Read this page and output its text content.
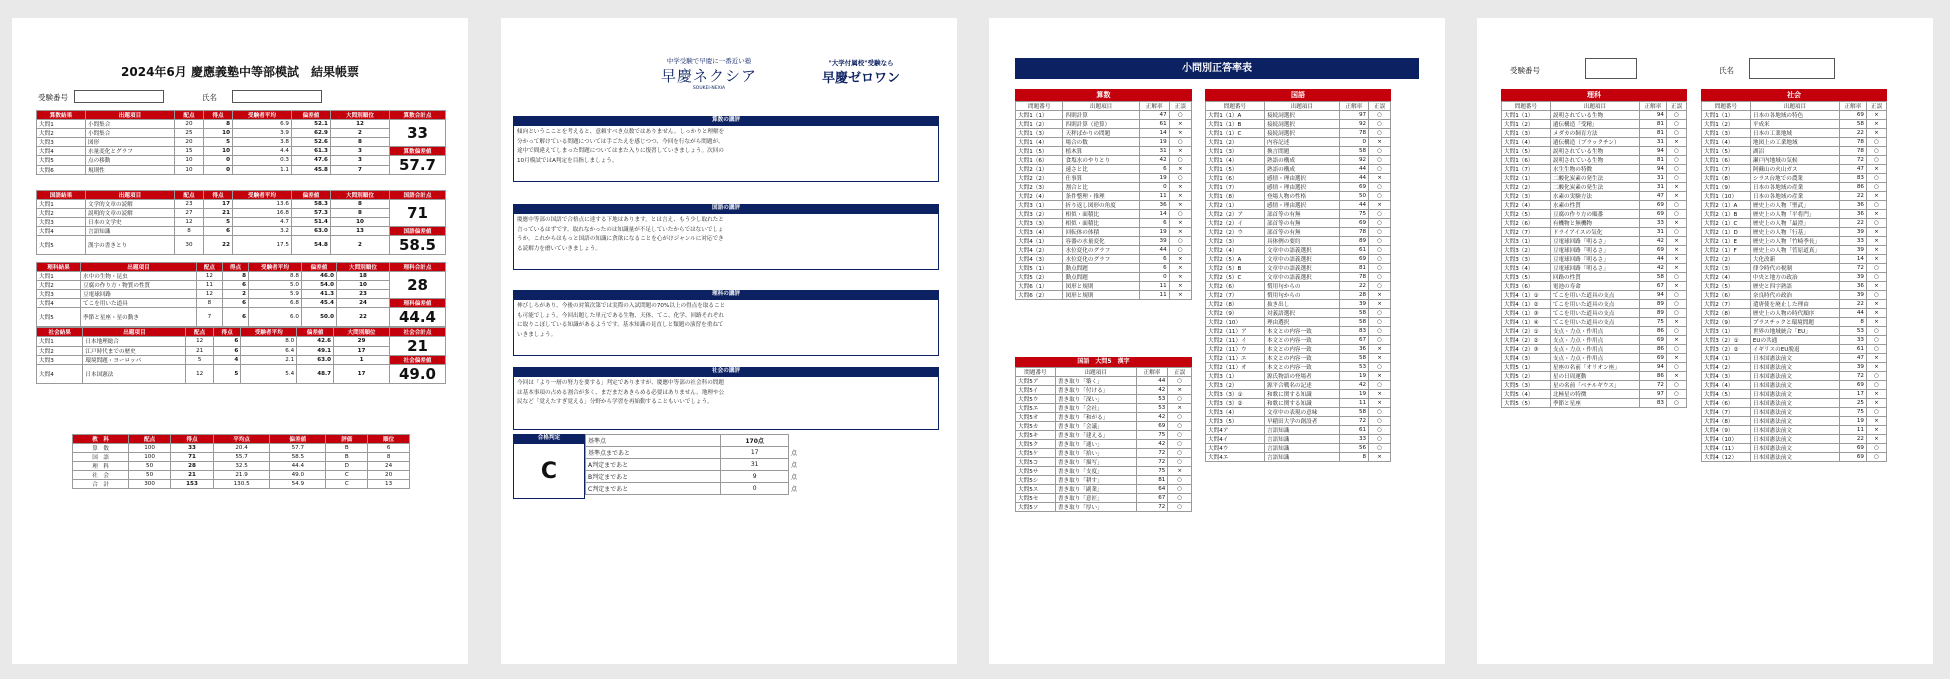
2024年6月 慶應義塾中等部模試　結果帳票
受験番号	氏名
算数結果	出題項目	配点	得点	受験者平均	偏差値	大問別順位	算数合計点
大問1	小問集合	20	8	6.9	52.1	12	33
大問2	小問集合	25	10	3.9	62.9	2	
大問3	図形	20	5	3.8	52.6	8	
大問4	水量変化とグラフ	15	10	4.4	61.3	3	算数偏差値
大問5	点の移動	10	0	0.3	47.6	3	57.7
大問6	規則性	10	0	1.1	45.8	7	
国語結果	出題項目	配点	得点	受験者平均	偏差値	大問別順位	国語合計点
大問1	文学的文章の読解	23	17	13.6	58.3	8	71
大問2	説明的文章の読解	27	21	16.8	57.3	8	
大問3	日本の文学史	12	5	4.7	51.4	10	
大問4	言語知識	8	6	3.2	63.0	13	国語偏差値
大問5	漢字の書きとり	30	22	17.5	54.8	2	58.5
理科結果	出題項目	配点	得点	受験者平均	偏差値	大問別順位	理科合計点
大問1	水中の生物・昆虫	12	8	8.8	46.0	18	28
大問2	豆腐の作り方・物質の性質	11	6	5.0	54.0	10	
大問3	豆電球回路	12	2	5.9	41.3	23	
大問4	てこを用いた道具	8	6	6.8	45.4	24	理科偏差値
大問5	季節と星座・星の動き	7	6	6.0	50.0	22	44.4
社会結果	出題項目	配点	得点	受験者平均	偏差値	大問別順位	社会合計点
大問1	日本地理総合	12	6	8.0	42.6	29	21
大問2	江戸時代までの歴史	21	6	6.4	49.1	17	
大問3	環境問題・ヨーロッパ	5	4	2.1	63.0	1	社会偏差値
大問4	日本国憲法	12	5	5.4	48.7	17	49.0
教　科	配点	得点	平均点	偏差値	評価	順位
算　数	100	33	20.4	57.7	B	6
国　語	100	71	55.7	58.5	B	8
理　科	50	28	32.5	44.4	D	24
社　会	50	21	21.9	49.0	C	20
合　計	300	153	130.5	54.9	C	13
中学受験で早慶に一番近い塾
早慶ネクシア
SOUKEI-NEXIA
"大学付属校"受験なら
早慶ゼロワン
算数の講評
傾向というこことを考えると、意頼すべき点数ではありません。しっかりと理解を分かって解けている問題については手ごたえを感じつつ、今回を行ながら問題が、途中で間違えてしまった問題についてはまた入りに復習していきましょう。次回の10月模試ではA判定を目指しましょう。
国語の講評
慶應中等部の国語で合格点に達する下地はあります。とは言え、もう少し取れたと言っているはずです。取れなかったのは知識量が不足していたからではないでしょうか。これからはもっと国語の知識に貪欲になることを心がけジャンルに対応できる読解力を磨いていきましょう。
理科の講評
伸びしろがあり、今後の対策次第では実際の入試問題の70%以上の得点を取ることも可能でしょう。今回出題した単元である生物、天体、てこ、化学、回路それぞれに取りこぼしている知識があるようです。基本知識の見直しと類題の演習を重ねていきましょう。
社会の講評
今回は「より一層の努力を要する」判定でありますが、慶應中等部の社会科の問題は基本事項の占める割合が多く、まだまだあきらめる必要はありません。地理や公民など「覚えたすぎ覚える」分野から学習を再始動することもいいでしょう。
合格判定
C
基準点	170点	
基準点まであと	17	点
A判定まであと	31	点
B判定まであと	9	点
C判定まであと	0	点
小問別正答率表
算数
問題番号	出題項目	正解率	正誤
大問1（1）	四則計算	47	○
大問1（2）	四則計算（逆算）	61	×
大問1（3）	天秤ばかりの問題	14	×
大問1（4）	場合の数	19	○
大問1（5）	植木算	31	×
大問1（6）	食塩水のやりとり	42	○
大問2（1）	速さと比	6	×
大問2（2）	仕事算	19	○
大問2（3）	割合と比	0	×
大問2（4）	条件整理・推理	11	×
大問3（1）	折り返し図形の角度	36	×
大問3（2）	相似・面積比	14	○
大問3（3）	相似・面積比	6	×
大問3（4）	回転体の体積	19	×
大問4（1）	容器の水量変化	39	○
大問4（2）	水位変化のグラフ	44	○
大問4（3）	水位変化のグラフ	6	×
大問5（1）	動点問題	6	×
大問5（2）	動点問題	0	×
大問6（1）	図形と規則	11	×
大問6（2）	図形と規則	11	×
国語　大問5　漢字
問題番号	出題項目	正解率	正誤
大問5ア	書き取り「築く」	44	○
大問5イ	書き取り「付ける」	42	×
大問5ウ	書き取り「深い」	53	○
大問5エ	書き取り「会社」	53	×
大問5オ	書き取り「和がる」	42	○
大問5カ	書き取り「会議」	69	○
大問5キ	書き取り「建える」	75	○
大問5ク	書き取り「通い」	42	○
大問5ケ	書き取り「拾い」	72	○
大問5コ	書き取り「描写」	72	○
大問5サ	書き取り「支度」	75	×
大問5シ	書き取り「耕す」	81	○
大問5ス	書き取り「副業」	64	○
大問5セ	書き取り「意匠」	67	○
大問5ソ	書き取り「厚い」	72	○
国語
問題番号	出題項目	正解率	正誤
大問1（1）A	接続詞選択	97	○
大問1（1）B	接続詞選択	92	○
大問1（1）C	接続詞選択	78	○
大問1（2）	内容記述	0	×
大問1（3）	換言問題	58	○
大問1（4）	熟語の構成	92	○
大問1（5）	熟語の構成	44	○
大問1（6）	感情・理由選択	44	×
大問1（7）	感情・理由選択	69	○
大問1（8）	登場人物の性格	50	○
大問2（1）	感情・理由選択	44	×
大問2（2）ア	部首等の有無	75	○
大問2（2）イ	部首等の有無	69	○
大問2（2）ウ	部首等の有無	78	○
大問2（3）	具体例の要約	89	○
大問2（4）	文章中の語義選択	61	○
大問2（5）A	文章中の語義選択	69	○
大問2（5）B	文章中の語義選択	81	○
大問2（5）C	文章中の語義選択	78	○
大問2（6）	慣用句からの	22	○
大問2（7）	慣用句からの	28	×
大問2（8）	抜き出し	39	×
大問2（9）	対義語選択	58	○
大問2（10）	理由選択	58	○
大問2（11）ア	本文との内容一致	83	○
大問2（11）イ	本文との内容一致	67	○
大問2（11）ウ	本文との内容一致	36	×
大問2（11）エ	本文との内容一致	58	×
大問2（11）オ	本文との内容一致	53	○
大問3（1）	源氏物語の登場者	19	×
大問3（2）	源平合戦名の記述	42	○
大問3（3）①	和歌に関する知識	19	×
大問3（3）②	和歌に関する知識	11	×
大問3（4）	文章中の表現の意味	58	○
大問3（5）	早稲田大学の創設者	72	○
大問4ア	言語知識	61	○
大問4イ	言語知識	33	○
大問4ウ	言語知識	56	○
大問4エ	言語知識	8	×
受験番号	氏名
理科
問題番号	出題項目	正解率	正誤
大問1（1）	説明されている生物	94	○
大問1（2）	遺伝構造「受精」	81	○
大問1（3）	メダカの飼育方法	81	○
大問1（4）	遺伝構造（ブラックチン）	31	×
大問1（5）	説明されている生物	94	○
大問1（6）	説明されている生物	81	○
大問1（7）	水生生物の特徴	94	○
大問2（1）	二酸化炭素の発生法	31	○
大問2（2）	二酸化炭素の発生法	31	×
大問2（3）	水素の実験方法	47	×
大問2（4）	水素の性質	69	○
大問2（5）	豆腐の作り方の順番	69	○
大問2（6）	有機物と無機物	33	×
大問2（7）	ドライアイスの気化	31	○
大問3（1）	豆電球回路「明るさ」	42	×
大問3（2）	豆電球回路「明るさ」	69	×
大問3（3）	豆電球回路「明るさ」	44	×
大問3（4）	豆電球回路「明るさ」	42	×
大問3（5）	回路の性質	58	○
大問3（6）	電池の寿命	67	×
大問4（1）①	てこを用いた道具の支点	94	○
大問4（1）②	てこを用いた道具の支点	89	○
大問4（1）③	てこを用いた道具の支点	89	○
大問4（1）④	てこを用いた道具の支点	75	×
大問4（2）①	支点・力点・作用点	86	○
大問4（2）②	支点・力点・作用点	69	×
大問4（2）③	支点・力点・作用点	86	○
大問4（3）	支点・力点・作用点	69	×
大問5（1）	星座の名前「オリオン座」	94	○
大問5（2）	星の日周運動	86	×
大問5（3）	星の名前「ベテルギウス」	72	○
大問5（4）	北極星の特徴	97	○
大問5（5）	季節と星座	83	○
社会
問題番号	出題項目	正解率	正誤
大問1（1）	日本の各地域の特色	69	×
大問1（2）	平成米	58	×
大問1（3）	日本の工業地域	22	×
大問1（4）	地図上の工業地域	78	○
大問1（5）	湖沼	78	○
大問1（6）	瀬戸内地域の気候	72	○
大問1（7）	阿蘇山の火山ガス	47	×
大問1（8）	シラス台地での農業	83	○
大問1（9）	日本の各地域の産業	86	○
大問1（10）	日本の各地域の産業	22	×
大問2（1）A	歴史上の人物「聖武」	36	○
大問2（1）B	歴史上の人物「平将門」	36	×
大問2（1）C	歴史上の人物「最澄」	22	○
大問2（1）D	歴史上の人物「行基」	39	×
大問2（1）E	歴史上の人物「竹崎季長」	33	×
大問2（1）F	歴史上の人物「菅原道真」	39	×
大問2（2）	大化改新	14	×
大問2（3）	律令時代の税制	72	○
大問2（4）	中央と地方の政治	39	○
大問2（5）	歴史と四字熟語	36	×
大問2（6）	奈良時代の政治	39	○
大問2（7）	遣唐使を廃止した理由	22	×
大問2（8）	歴史上の人物の時代順序	44	×
大問2（9）	プラスチックと環境問題	8	×
大問3（1）	世界の地域統合「EU」	53	○
大問3（2）①	EUの共通	33	○
大問3（2）②	イギリスのEU脱退	61	○
大問4（1）	日本国憲法前文	47	×
大問4（2）	日本国憲法前文	39	×
大問4（3）	日本国憲法前文	72	○
大問4（4）	日本国憲法前文	69	○
大問4（5）	日本国憲法前文	17	×
大問4（6）	日本国憲法前文	25	×
大問4（7）	日本国憲法前文	75	○
大問4（8）	日本国憲法前文	19	×
大問4（9）	日本国憲法前文	11	×
大問4（10）	日本国憲法前文	22	×
大問4（11）	日本国憲法前文	69	○
大問4（12）	日本国憲法前文	69	○
